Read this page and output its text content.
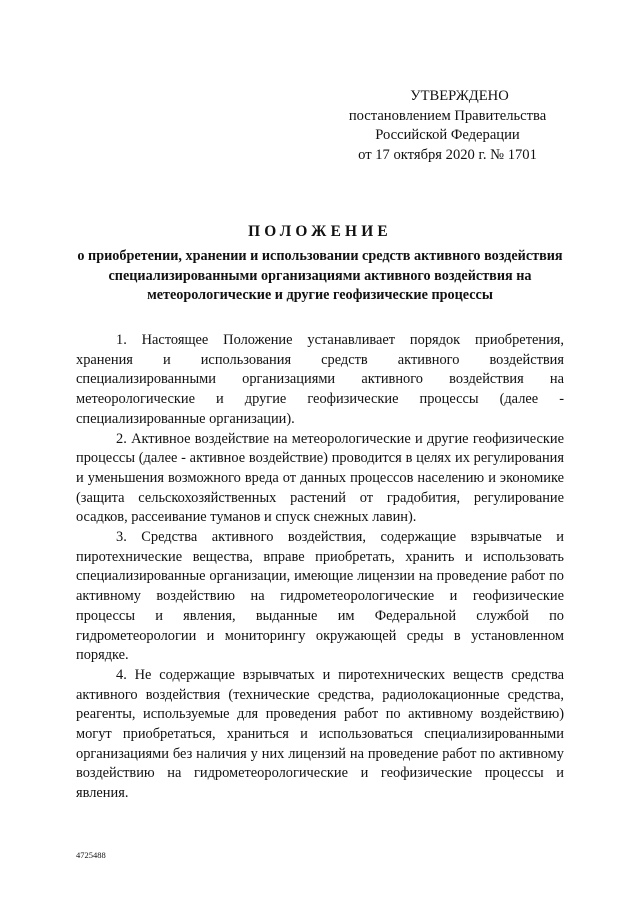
УТВЕРЖДЕНО
постановлением Правительства
Российской Федерации
от 17 октября 2020 г. № 1701
ПОЛОЖЕНИЕ
о приобретении, хранении и использовании средств активного воздействия специализированными организациями активного воздействия на метеорологические и другие геофизические процессы

1. Настоящее Положение устанавливает порядок приобретения, хранения и использования средств активного воздействия специализированными организациями активного воздействия на метеорологические и другие геофизические процессы (далее - специализированные организации).

2. Активное воздействие на метеорологические и другие геофизические процессы (далее - активное воздействие) проводится в целях их регулирования и уменьшения возможного вреда от данных процессов населению и экономике (защита сельскохозяйственных растений от градобития, регулирование осадков, рассеивание туманов и спуск снежных лавин).

3. Средства активного воздействия, содержащие взрывчатые и пиротехнические вещества, вправе приобретать, хранить и использовать специализированные организации, имеющие лицензии на проведение работ по активному воздействию на гидрометеорологические и геофизические процессы и явления, выданные им Федеральной службой по гидрометеорологии и мониторингу окружающей среды в установленном порядке.

4. Не содержащие взрывчатых и пиротехнических веществ средства активного воздействия (технические средства, радиолокационные средства, реагенты, используемые для проведения работ по активному воздействию) могут приобретаться, храниться и использоваться специализированными организациями без наличия у них лицензий на проведение работ по активному воздействию на гидрометеорологические и геофизические процессы и явления.

4725488
